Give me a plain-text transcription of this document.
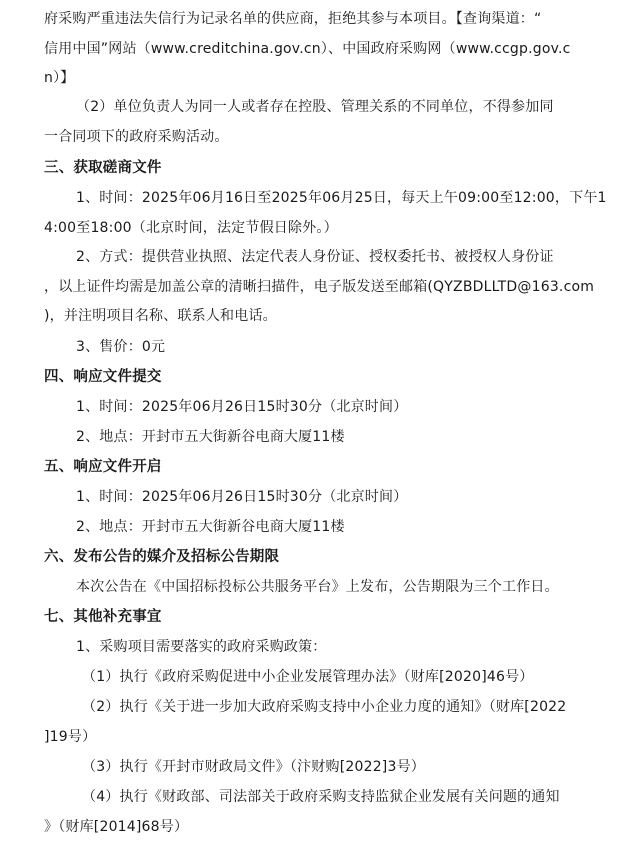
府采购严重违法失信行为记录名单的供应商，拒绝其参与本项目。【查询渠道：“
信用中国”网站（www.creditchina.gov.cn）、中国政府采购网（www.ccgp.gov.c
n）】
（2）单位负责人为同一人或者存在控股、管理关系的不同单位，不得参加同
一合同项下的政府采购活动。
三、获取磋商文件
1、时间：2025年06月16日至2025年06月25日，每天上午09:00至12:00，下午1
4:00至18:00（北京时间，法定节假日除外。）
2、方式：提供营业执照、法定代表人身份证、授权委托书、被授权人身份证
，以上证件均需是加盖公章的清晰扫描件，电子版发送至邮箱(QYZBDLLTD@163.com
)，并注明项目名称、联系人和电话。
3、售价：0元
四、响应文件提交
1、时间：2025年06月26日15时30分（北京时间）
2、地点：开封市五大街新谷电商大厦11楼
五、响应文件开启
1、时间：2025年06月26日15时30分（北京时间）
2、地点：开封市五大街新谷电商大厦11楼
六、发布公告的媒介及招标公告期限
本次公告在《中国招标投标公共服务平台》上发布，公告期限为三个工作日。
七、其他补充事宜
1、采购项目需要落实的政府采购政策：
（1）执行《政府采购促进中小企业发展管理办法》（财库[2020]46号）
（2）执行《关于进一步加大政府采购支持中小企业力度的通知》（财库[2022
]19号）
（3）执行《开封市财政局文件》（汴财购[2022]3号）
（4）执行《财政部、司法部关于政府采购支持监狱企业发展有关问题的通知
》（财库[2014]68号）
